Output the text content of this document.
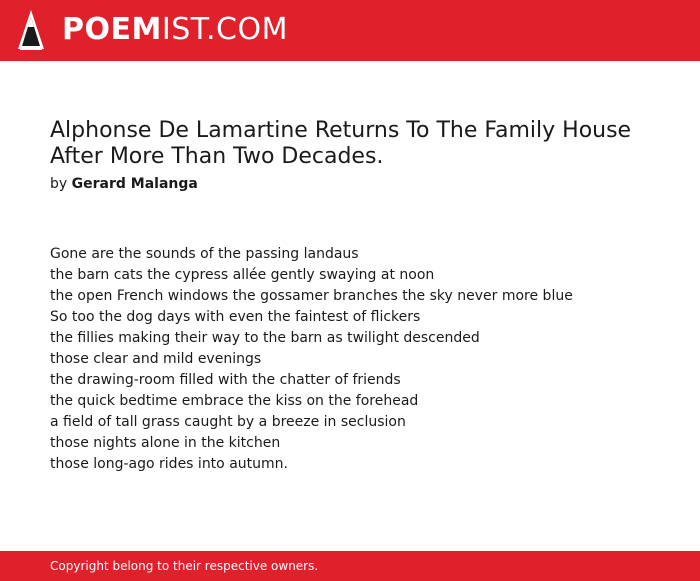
POEMIST.COM
Alphonse De Lamartine Returns To The Family House After More Than Two Decades.
by Gerard Malanga
Gone are the sounds of the passing landaus
the barn cats the cypress allée gently swaying at noon
the open French windows the gossamer branches the sky never more blue
So too the dog days with even the faintest of flickers
the fillies making their way to the barn as twilight descended
those clear and mild evenings
the drawing-room filled with the chatter of friends
the quick bedtime embrace the kiss on the forehead
a field of tall grass caught by a breeze in seclusion
those nights alone in the kitchen
those long-ago rides into autumn.
Copyright belong to their respective owners.
